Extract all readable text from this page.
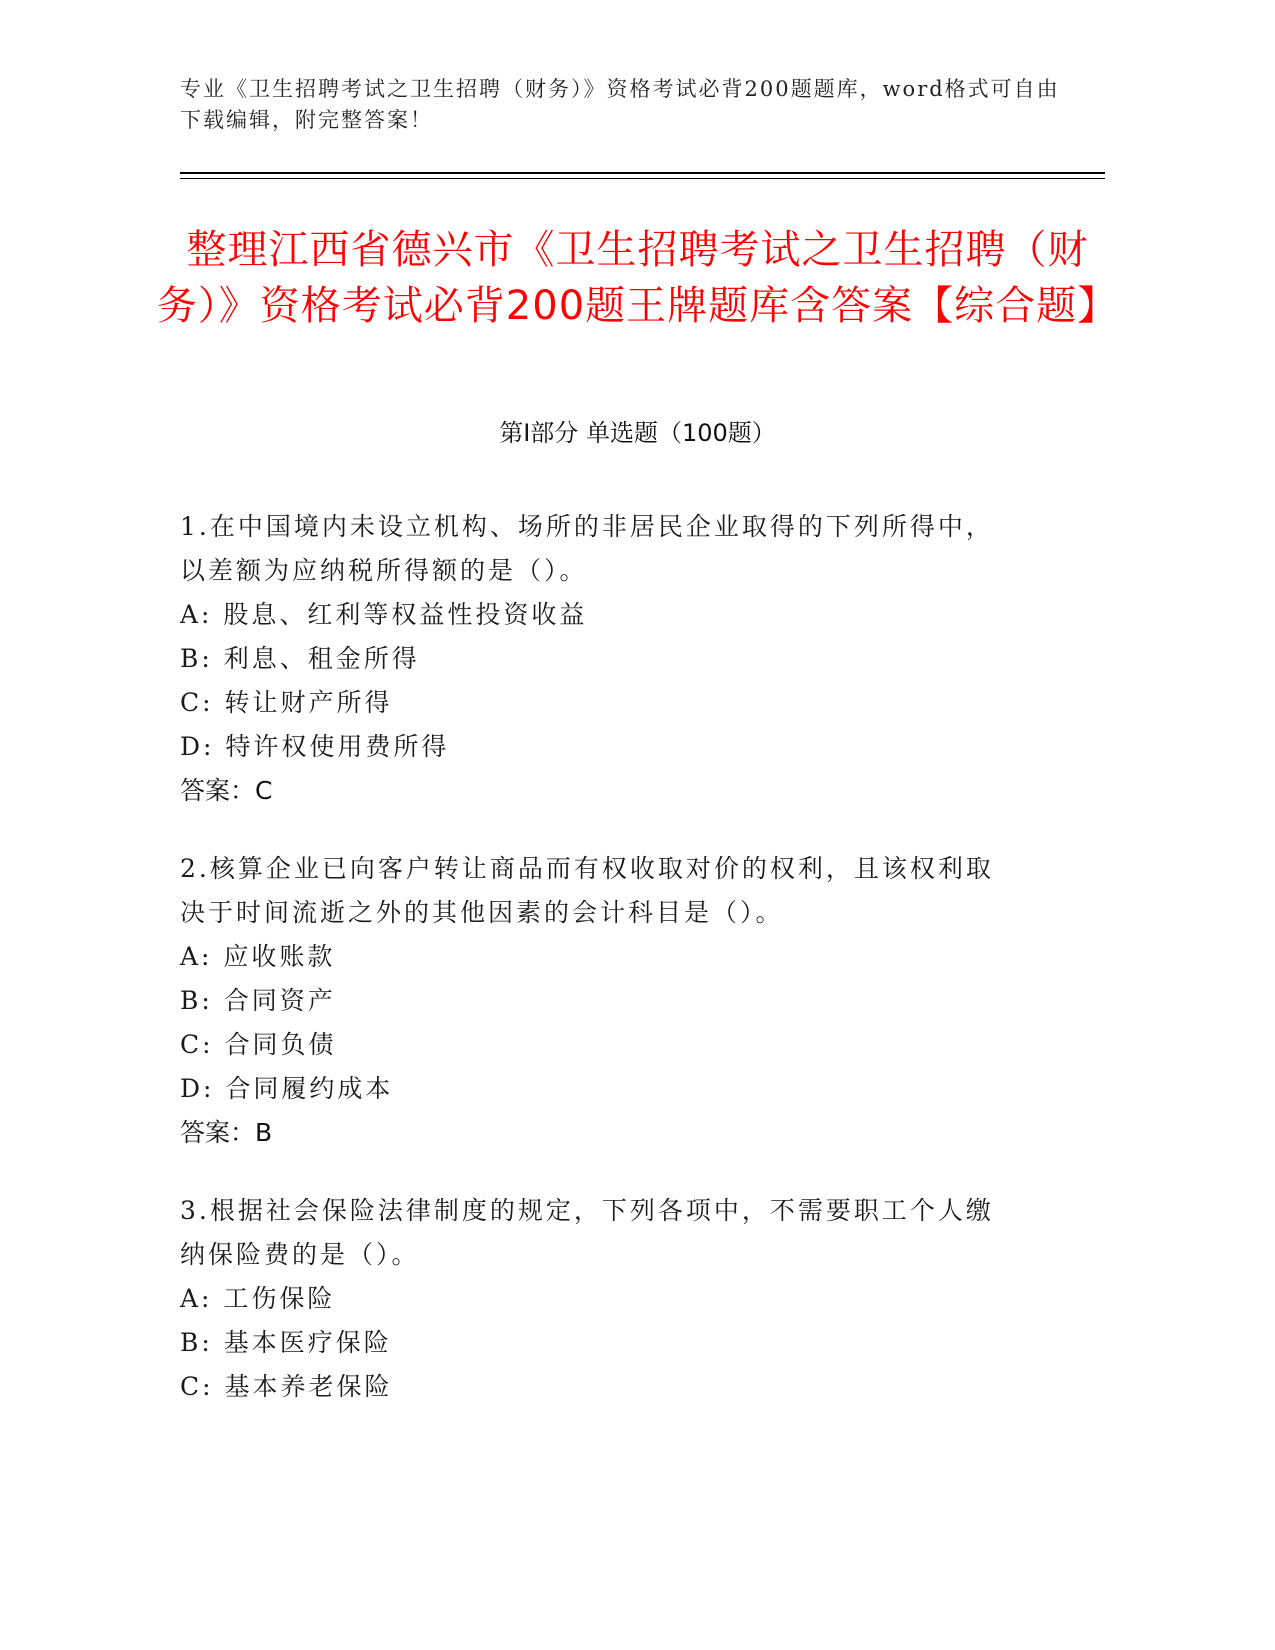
专业《卫生招聘考试之卫生招聘（财务）》资格考试必背200题题库，word格式可自由下载编辑，附完整答案！
整理江西省德兴市《卫生招聘考试之卫生招聘（财务）》资格考试必背200题王牌题库含答案【综合题】
第Ⅰ部分 单选题（100题）

1.在中国境内未设立机构、场所的非居民企业取得的下列所得中，以差额为应纳税所得额的是（）。

A: 股息、红利等权益性投资收益

B: 利息、租金所得

C: 转让财产所得

D: 特许权使用费所得

答案：C

2.核算企业已向客户转让商品而有权收取对价的权利，且该权利取决于时间流逝之外的其他因素的会计科目是（）。

A: 应收账款

B: 合同资产

C: 合同负债

D: 合同履约成本

答案：B

3.根据社会保险法律制度的规定，下列各项中，不需要职工个人缴纳保险费的是（）。

A: 工伤保险

B: 基本医疗保险

C: 基本养老保险
